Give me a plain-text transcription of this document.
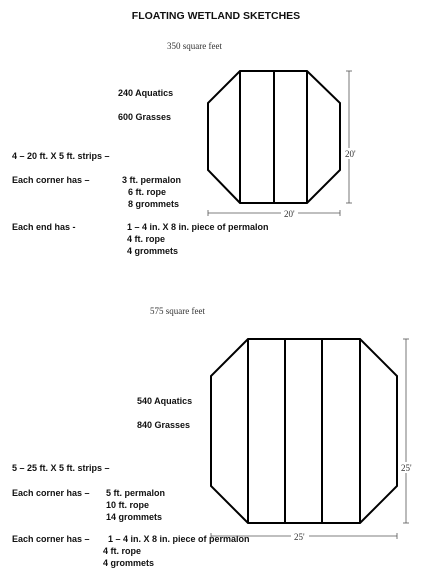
FLOATING WETLAND SKETCHES
350 square feet
240 Aquatics
600 Grasses
4 – 20 ft. X 5 ft. strips –
Each corner has –	3 ft. permalon
6 ft. rope
8 grommets
Each end has -	1 – 4 in. X 8 in. piece of permalon
4 ft. rope
4 grommets
575 square feet
540 Aquatics
840 Grasses
5 – 25 ft. X 5 ft. strips –
Each corner has – 5 ft. permalon
10 ft. rope
14 grommets
Each corner has – 1 – 4 in. X 8 in. piece of permalon
4 ft. rope
4 grommets
20'
20'
25'
25'
